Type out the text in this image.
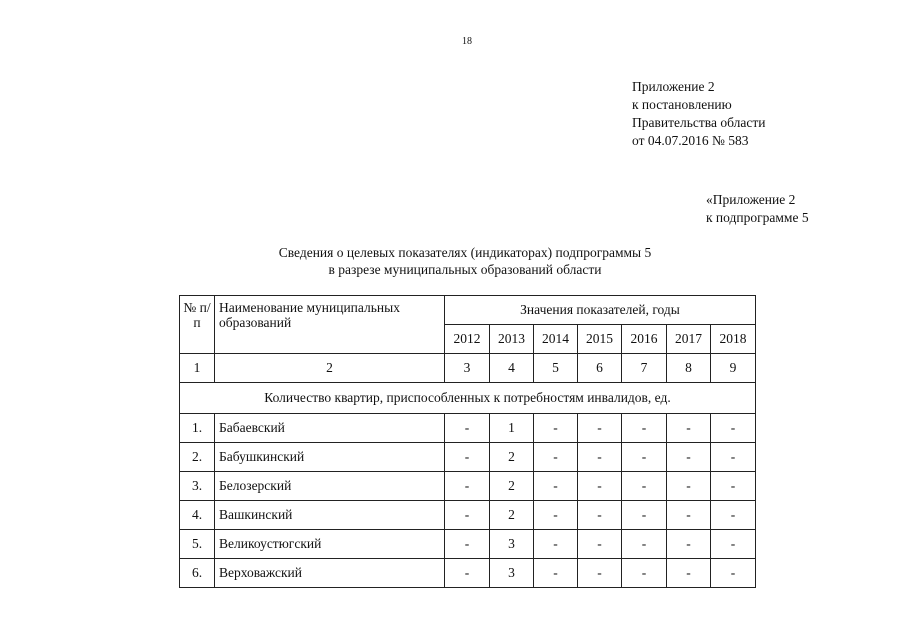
18
Приложение 2
к постановлению
Правительства области
от 04.07.2016 № 583
«Приложение 2
к подпрограмме 5
Сведения о целевых показателях (индикаторах) подпрограммы 5
в разрезе муниципальных образований области
№ п/п	Наименование муниципальных образований	Значения показателей, годы						
		2012	2013	2014	2015	2016	2017	2018
1	2	3	4	5	6	7	8	9
Количество квартир, приспособленных к потребностям инвалидов, ед.								
1.	Бабаевский	-	1	-	-	-	-	-
2.	Бабушкинский	-	2	-	-	-	-	-
3.	Белозерский	-	2	-	-	-	-	-
4.	Вашкинский	-	2	-	-	-	-	-
5.	Великоустюгский	-	3	-	-	-	-	-
6.	Верховажский	-	3	-	-	-	-	-
